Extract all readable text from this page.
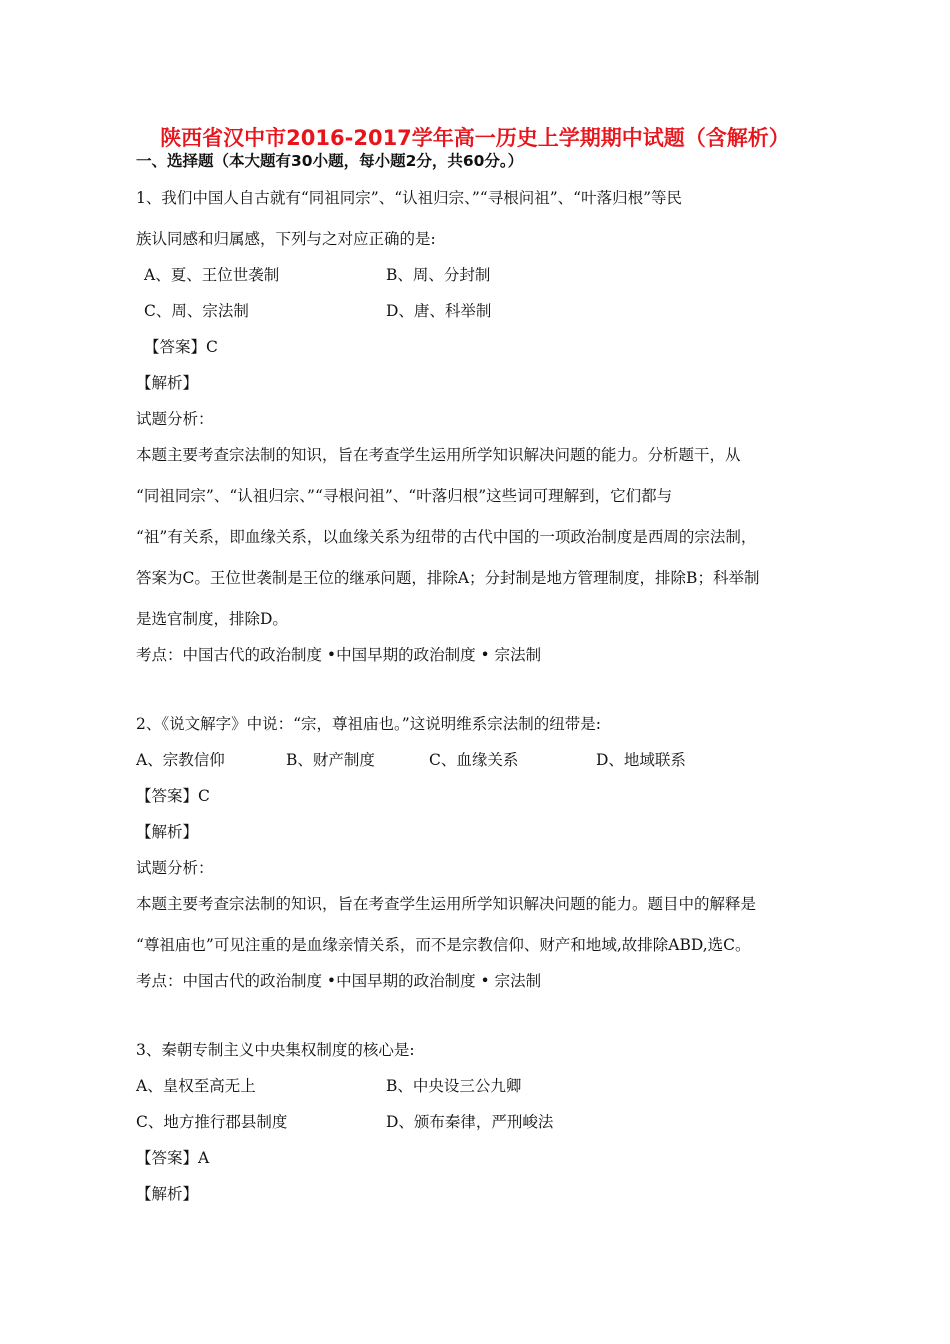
陕西省汉中市2016-2017学年高一历史上学期期中试题（含解析）
一、选择题（本大题有30小题，每小题2分，共60分。）
1、我们中国人自古就有“同祖同宗”、“认祖归宗、”“寻根问祖”、“叶落归根”等民
族认同感和归属感，下列与之对应正确的是:
A、夏、王位世袭制	B、周、分封制
C、周、宗法制	D、唐、科举制
【答案】C
【解析】
试题分析：
本题主要考查宗法制的知识，旨在考查学生运用所学知识解决问题的能力。分析题干，从
“同祖同宗”、“认祖归宗、”“寻根问祖”、“叶落归根”这些词可理解到，它们都与
“祖”有关系，即血缘关系，以血缘关系为纽带的古代中国的一项政治制度是西周的宗法制，
答案为C。王位世袭制是王位的继承问题，排除A；分封制是地方管理制度，排除B；科举制
是选官制度，排除D。
考点：中国古代的政治制度 •中国早期的政治制度 • 宗法制
2、《说文解字》中说：“宗，尊祖庙也。”这说明维系宗法制的纽带是:
A、宗教信仰	B、财产制度	C、血缘关系	D、地域联系
【答案】C
【解析】
试题分析：
本题主要考查宗法制的知识，旨在考查学生运用所学知识解决问题的能力。题目中的解释是
“尊祖庙也”可见注重的是血缘亲情关系，而不是宗教信仰、财产和地域,故排除ABD,选C。
考点：中国古代的政治制度 •中国早期的政治制度 • 宗法制
3、秦朝专制主义中央集权制度的核心是:
A、皇权至高无上	B、中央设三公九卿
C、地方推行郡县制度	D、颁布秦律，严刑峻法
【答案】A
【解析】
